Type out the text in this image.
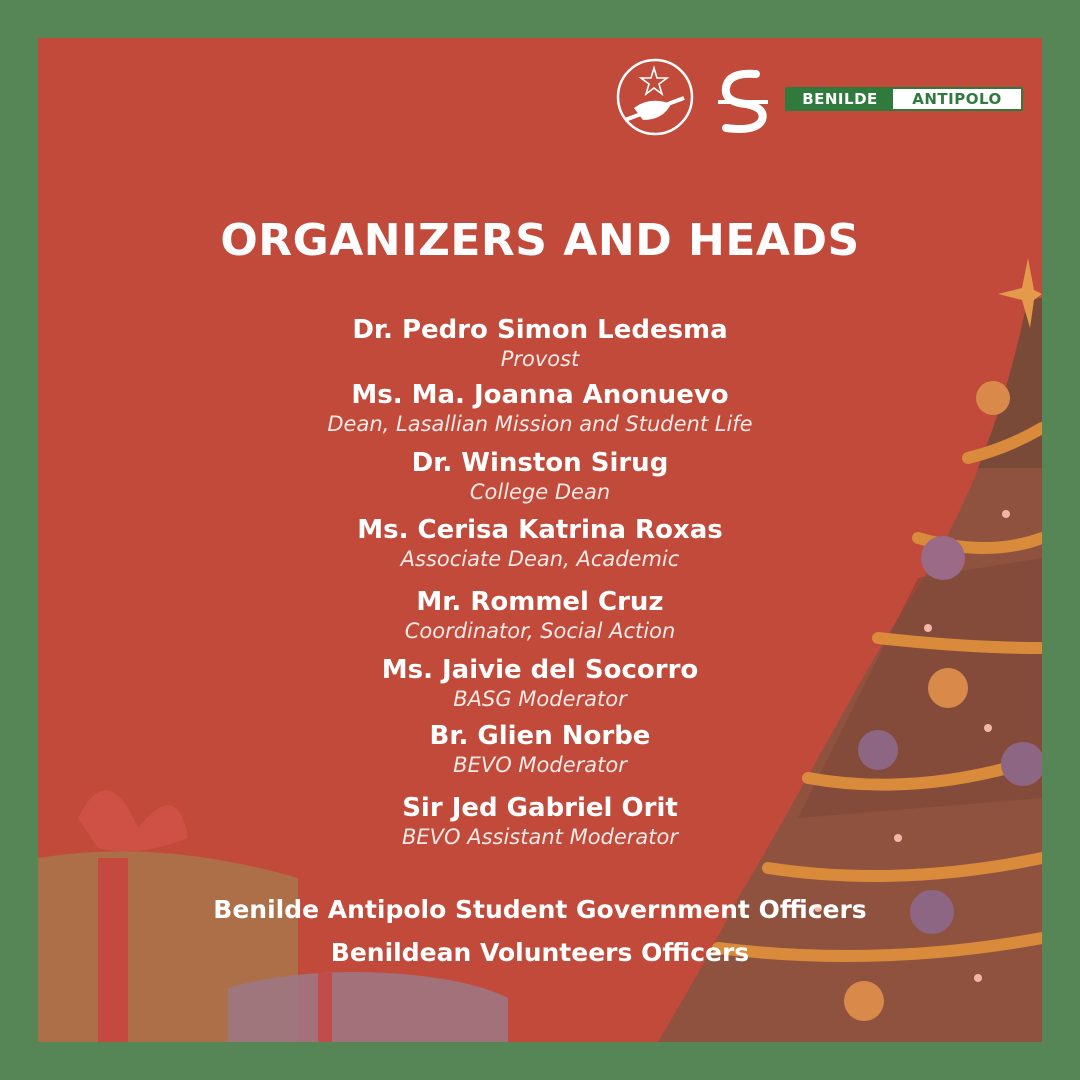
BENILDE	ANTIPOLO
ORGANIZERS AND HEADS
Dr. Pedro Simon Ledesma
Provost
Ms. Ma. Joanna Anonuevo
Dean, Lasallian Mission and Student Life
Dr. Winston Sirug
College Dean
Ms. Cerisa Katrina Roxas
Associate Dean, Academic
Mr. Rommel Cruz
Coordinator, Social Action
Ms. Jaivie del Socorro
BASG Moderator
Br. Glien Norbe
BEVO Moderator
Sir Jed Gabriel Orit
BEVO Assistant Moderator
Benilde Antipolo Student Government Officers
Benildean Volunteers Officers
